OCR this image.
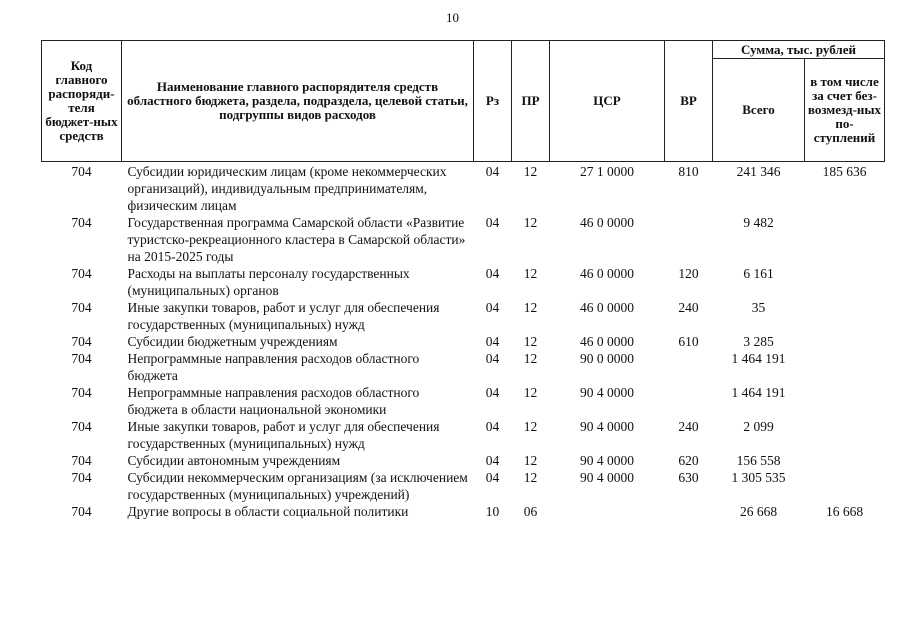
10
Код главного распоряди-теля бюджет-ных средств	Наименование главного распорядителя средств областного бюджета, раздела, подраздела, целевой статьи, подгруппы видов расходов	Рз	ПР	ЦСР	ВР	Сумма, тыс. рублей	
						Всего	в том числе за счет без-возмезд-ных по-ступлений
704	Субсидии юридическим лицам (кроме некоммерческих организаций), индивидуальным предпринимателям, физическим лицам	04	12	27 1 0000	810	241 346	185 636
704	Государственная программа Самарской области «Развитие туристско-рекреационного кластера в Самарской области» на 2015-2025 годы	04	12	46 0 0000		9 482	
704	Расходы на выплаты персоналу государственных (муниципальных) органов	04	12	46 0 0000	120	6 161	
704	Иные закупки товаров, работ и услуг для обеспечения государственных (муниципальных) нужд	04	12	46 0 0000	240	35	
704	Субсидии бюджетным учреждениям	04	12	46 0 0000	610	3 285	
704	Непрограммные направления расходов областного бюджета	04	12	90 0 0000		1 464 191	
704	Непрограммные направления расходов областного бюджета в области национальной экономики	04	12	90 4 0000		1 464 191	
704	Иные закупки товаров, работ и услуг для обеспечения государственных (муниципальных) нужд	04	12	90 4 0000	240	2 099	
704	Субсидии автономным учреждениям	04	12	90 4 0000	620	156 558	
704	Субсидии некоммерческим организациям (за исключением государственных (муниципальных) учреждений)	04	12	90 4 0000	630	1 305 535	
704	Другие вопросы в области социальной политики	10	06			26 668	16 668
